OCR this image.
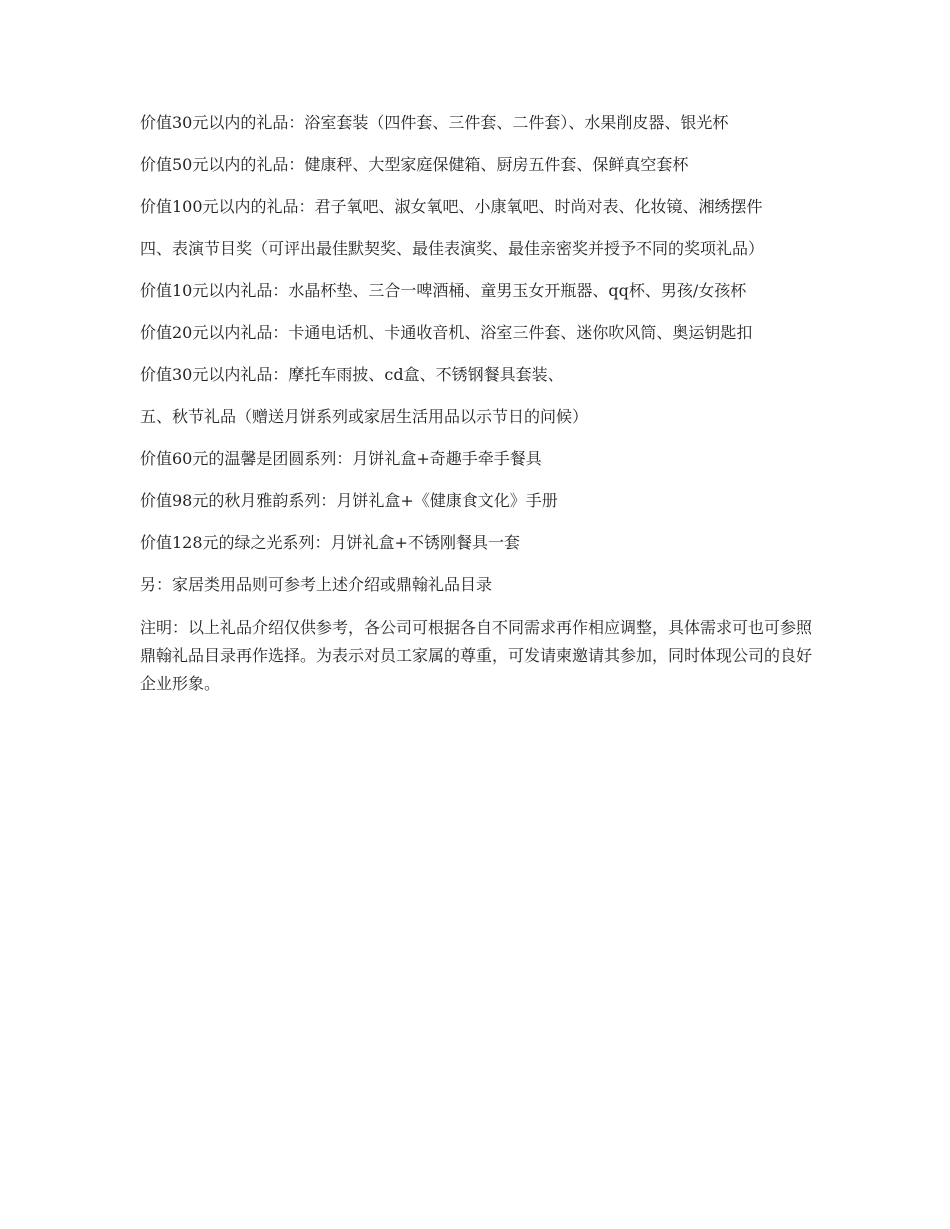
价值30元以内的礼品：浴室套装（四件套、三件套、二件套）、水果削皮器、银光杯

价值50元以内的礼品：健康秤、大型家庭保健箱、厨房五件套、保鲜真空套杯

价值100元以内的礼品：君子氧吧、淑女氧吧、小康氧吧、时尚对表、化妆镜、湘绣摆件

四、表演节目奖（可评出最佳默契奖、最佳表演奖、最佳亲密奖并授予不同的奖项礼品）

价值10元以内礼品：水晶杯垫、三合一啤酒桶、童男玉女开瓶器、qq杯、男孩/女孩杯

价值20元以内礼品：卡通电话机、卡通收音机、浴室三件套、迷你吹风筒、奥运钥匙扣

价值30元以内礼品：摩托车雨披、cd盒、不锈钢餐具套装、

五、秋节礼品（赠送月饼系列或家居生活用品以示节日的问候）

价值60元的温馨是团圆系列：月饼礼盒+奇趣手牵手餐具

价值98元的秋月雅韵系列：月饼礼盒+《健康食文化》手册

价值128元的绿之光系列：月饼礼盒+不锈刚餐具一套

另：家居类用品则可参考上述介绍或鼎翰礼品目录

注明：以上礼品介绍仅供参考，各公司可根据各自不同需求再作相应调整，具体需求可也可参照鼎翰礼品目录再作选择。为表示对员工家属的尊重，可发请柬邀请其参加，同时体现公司的良好企业形象。
